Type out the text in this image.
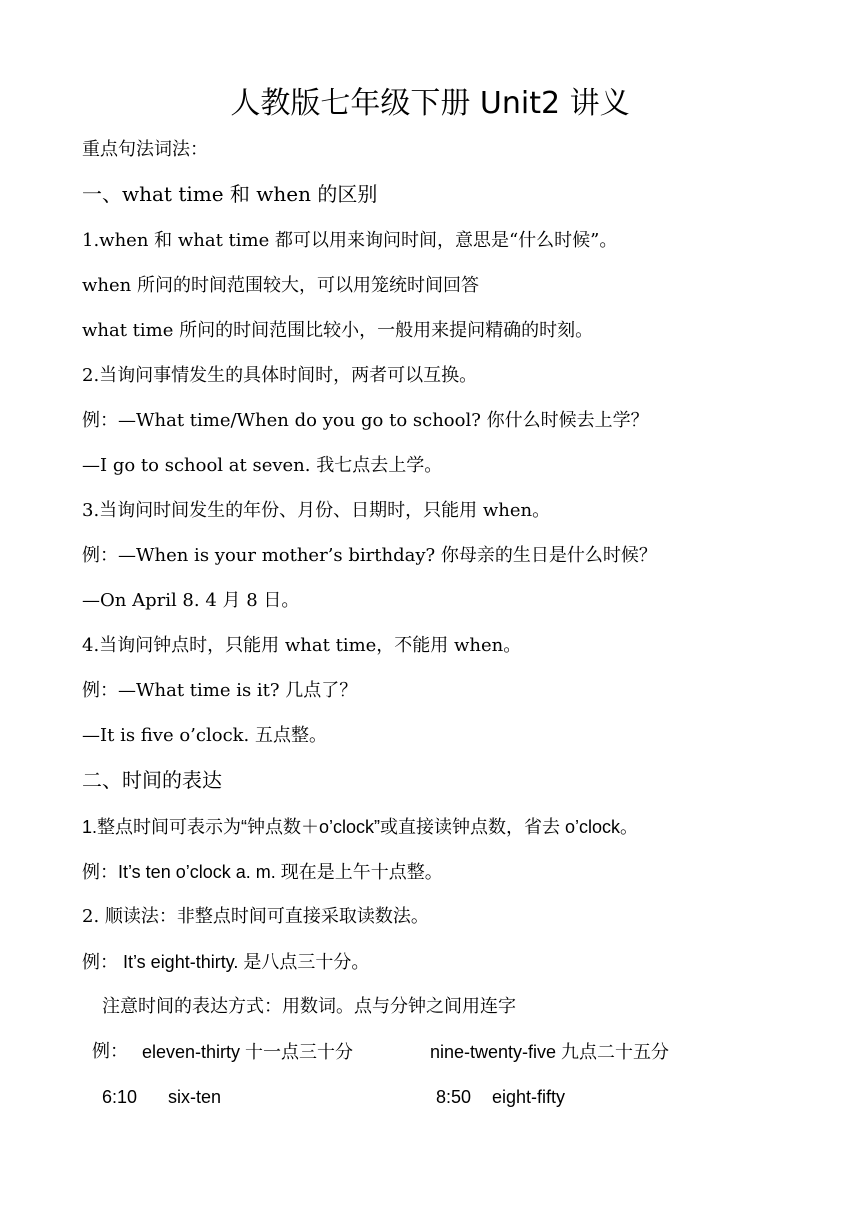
人教版七年级下册 Unit2 讲义
重点句法词法：
一、what time 和 when 的区别
1.when 和 what time 都可以用来询问时间，意思是“什么时候”。
when 所问的时间范围较大，可以用笼统时间回答
what time 所问的时间范围比较小，一般用来提问精确的时刻。
2.当询问事情发生的具体时间时，两者可以互换。
例：—What time/When do you go to school? 你什么时候去上学？
—I go to school at seven. 我七点去上学。
3.当询问时间发生的年份、月份、日期时，只能用 when。
例：—When is your mother’s birthday? 你母亲的生日是什么时候？
—On April 8. 4 月 8 日。
4.当询问钟点时，只能用 what time，不能用 when。
例：—What time is it? 几点了？
—It is five o’clock. 五点整。
二、时间的表达
1.整点时间可表示为“钟点数＋o’clock”或直接读钟点数，省去 o’clock。
例：It’s ten o’clock a. m. 现在是上午十点整。
2. 顺读法：非整点时间可直接采取读数法。
例： It’s eight-thirty. 是八点三十分。
注意时间的表达方式：用数词。点与分钟之间用连字
例： eleven-thirty 十一点三十分	nine-twenty-five 九点二十五分
6:10 six-ten	8:50 eight-fifty
